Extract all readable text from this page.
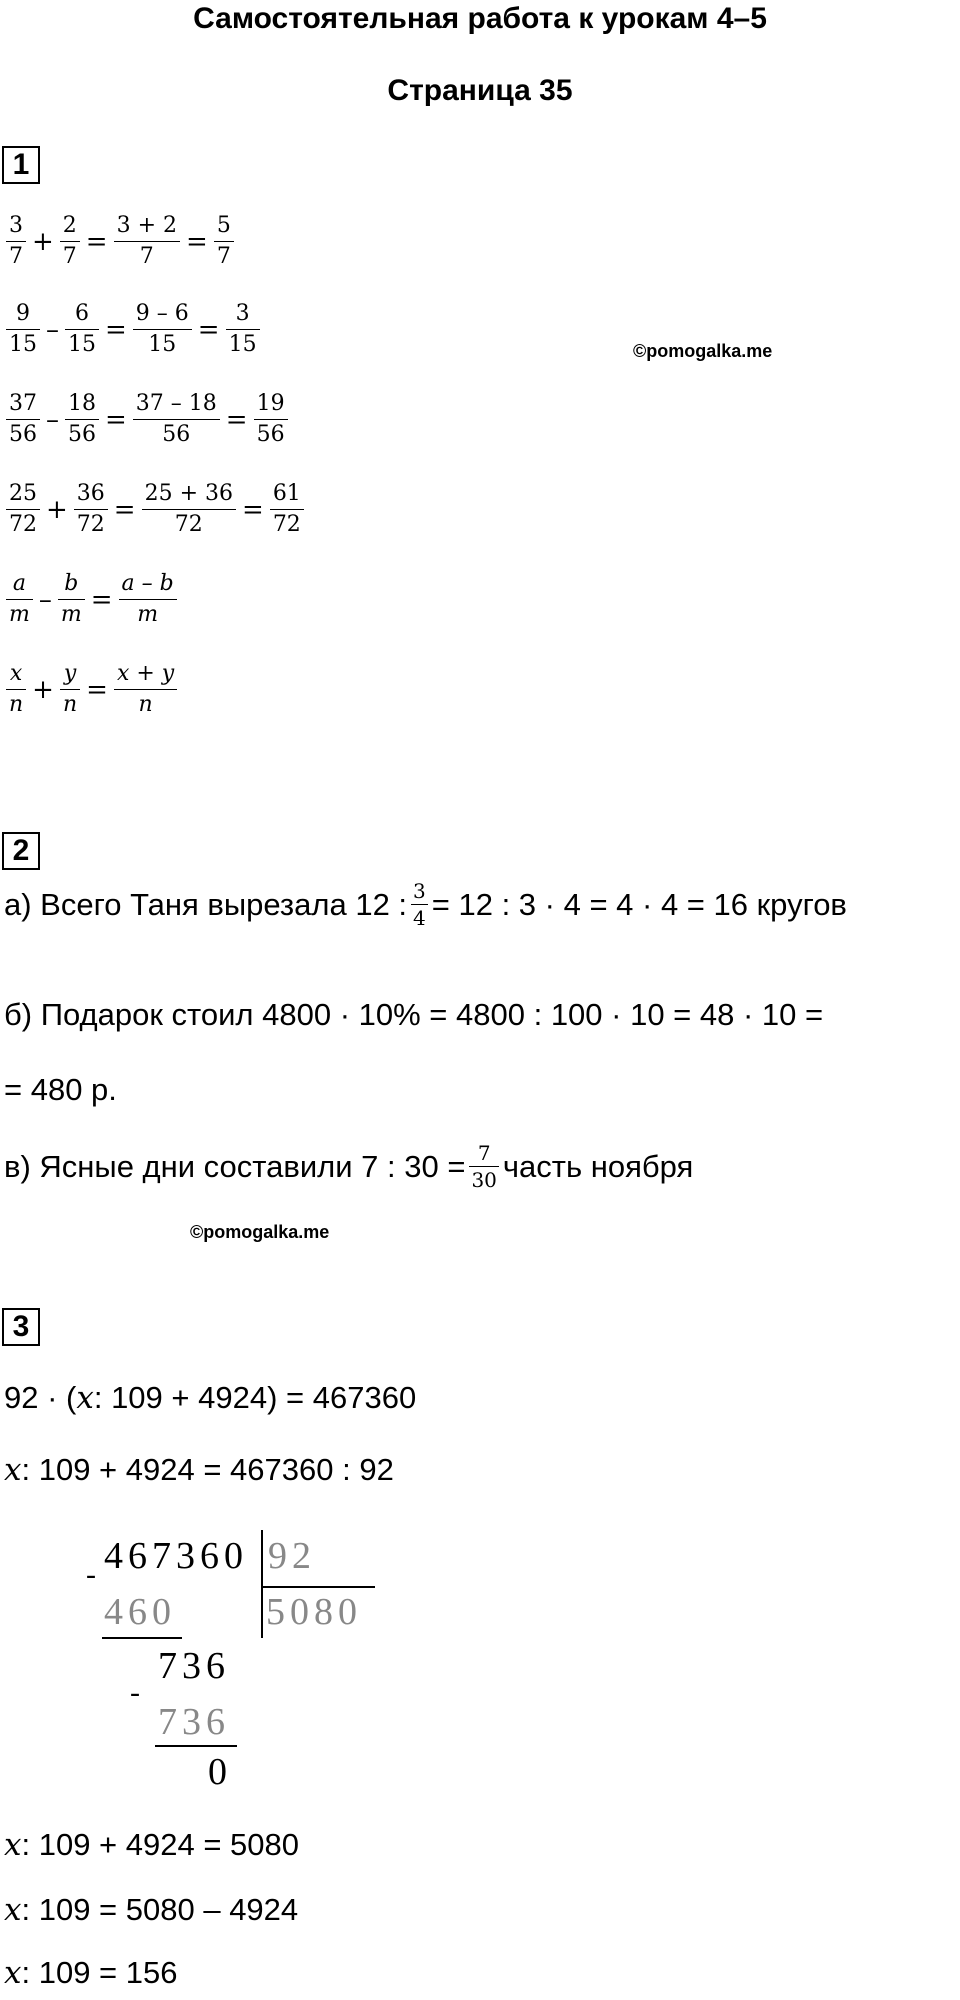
Самостоятельная работа к урокам 4–5
Страница 35
1
$\frac{3}{7} + \frac{2}{7} = \frac{3 + 2}{7} = \frac{5}{7}$
$\frac{9}{15} - \frac{6}{15} = \frac{9 - 6}{15} = \frac{3}{15}$
$\frac{37}{56} - \frac{18}{56} = \frac{37 - 18}{56} = \frac{19}{56}$
$\frac{25}{72} + \frac{36}{72} = \frac{25 + 36}{72} = \frac{61}{72}$
$\frac{a}{m} - \frac{b}{m} = \frac{a - b}{m}$
$\frac{x}{n} + \frac{y}{n} = \frac{x + y}{n}$
©pomogalka.me
2
а) Всего Таня вырезала 12 : $\frac{3}{4} = 12$ : 3 · 4 = 4 · 4 = 16 кругов
б) Подарок стоил 4800 · 10% = 4800 : 100 · 10 = 48 · 10 =
= 480 р.
в) Ясные дни составили 7 : $30 = \frac{7}{30}$ часть ноября
©pomogalka.me
3
92 · ( x : 109 + 4924) = 467360
x : 109 + 4924 = 467360 : 92
467360 92
-
460 5080
736
-
736
0
x : 109 + 4924 = 5080
x : 109 = 5080 – 4924
x : 109 = 156
